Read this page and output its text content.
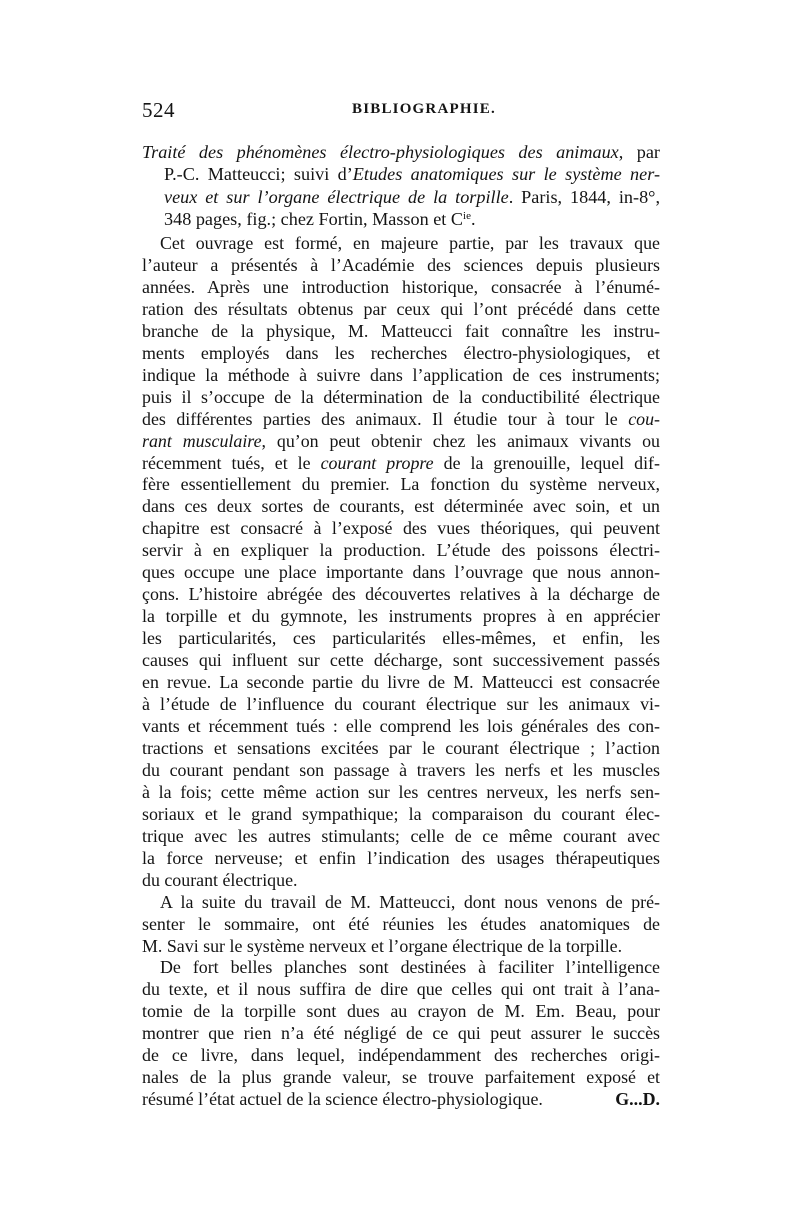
524	BIBLIOGRAPHIE.
Traité des phénomènes électro-physiologiques des animaux, par
P.-C. Matteucci; suivi d’Etudes anatomiques sur le système ner-
veux et sur l’organe électrique de la torpille. Paris, 1844, in-8°,
348 pages, fig.; chez Fortin, Masson et $C^{ie}$.
Cet ouvrage est formé, en majeure partie, par les travaux que
l’auteur a présentés à l’Académie des sciences depuis plusieurs
années. Après une introduction historique, consacrée à l’énumé-
ration des résultats obtenus par ceux qui l’ont précédé dans cette
branche de la physique, M. Matteucci fait connaître les instru-
ments employés dans les recherches électro-physiologiques, et
indique la méthode à suivre dans l’application de ces instruments;
puis il s’occupe de la détermination de la conductibilité électrique
des différentes parties des animaux. Il étudie tour à tour le cou-
rant musculaire, qu’on peut obtenir chez les animaux vivants ou
récemment tués, et le courant propre de la grenouille, lequel dif-
fère essentiellement du premier. La fonction du système nerveux,
dans ces deux sortes de courants, est déterminée avec soin, et un
chapitre est consacré à l’exposé des vues théoriques, qui peuvent
servir à en expliquer la production. L’étude des poissons électri-
ques occupe une place importante dans l’ouvrage que nous annon-
çons. L’histoire abrégée des découvertes relatives à la décharge de
la torpille et du gymnote, les instruments propres à en apprécier
les particularités, ces particularités elles-mêmes, et enfin, les
causes qui influent sur cette décharge, sont successivement passés
en revue. La seconde partie du livre de M. Matteucci est consacrée
à l’étude de l’influence du courant électrique sur les animaux vi-
vants et récemment tués : elle comprend les lois générales des con-
tractions et sensations excitées par le courant électrique ; l’action
du courant pendant son passage à travers les nerfs et les muscles
à la fois; cette même action sur les centres nerveux, les nerfs sen-
soriaux et le grand sympathique; la comparaison du courant élec-
trique avec les autres stimulants; celle de ce même courant avec
la force nerveuse; et enfin l’indication des usages thérapeutiques
du courant électrique.
A la suite du travail de M. Matteucci, dont nous venons de pré-
senter le sommaire, ont été réunies les études anatomiques de
M. Savi sur le système nerveux et l’organe électrique de la torpille.
De fort belles planches sont destinées à faciliter l’intelligence
du texte, et il nous suffira de dire que celles qui ont trait à l’ana-
tomie de la torpille sont dues au crayon de M. Em. Beau, pour
montrer que rien n’a été négligé de ce qui peut assurer le succès
de ce livre, dans lequel, indépendamment des recherches origi-
nales de la plus grande valeur, se trouve parfaitement exposé et
résumé l’état actuel de la science électro-physiologique.	G...D.
